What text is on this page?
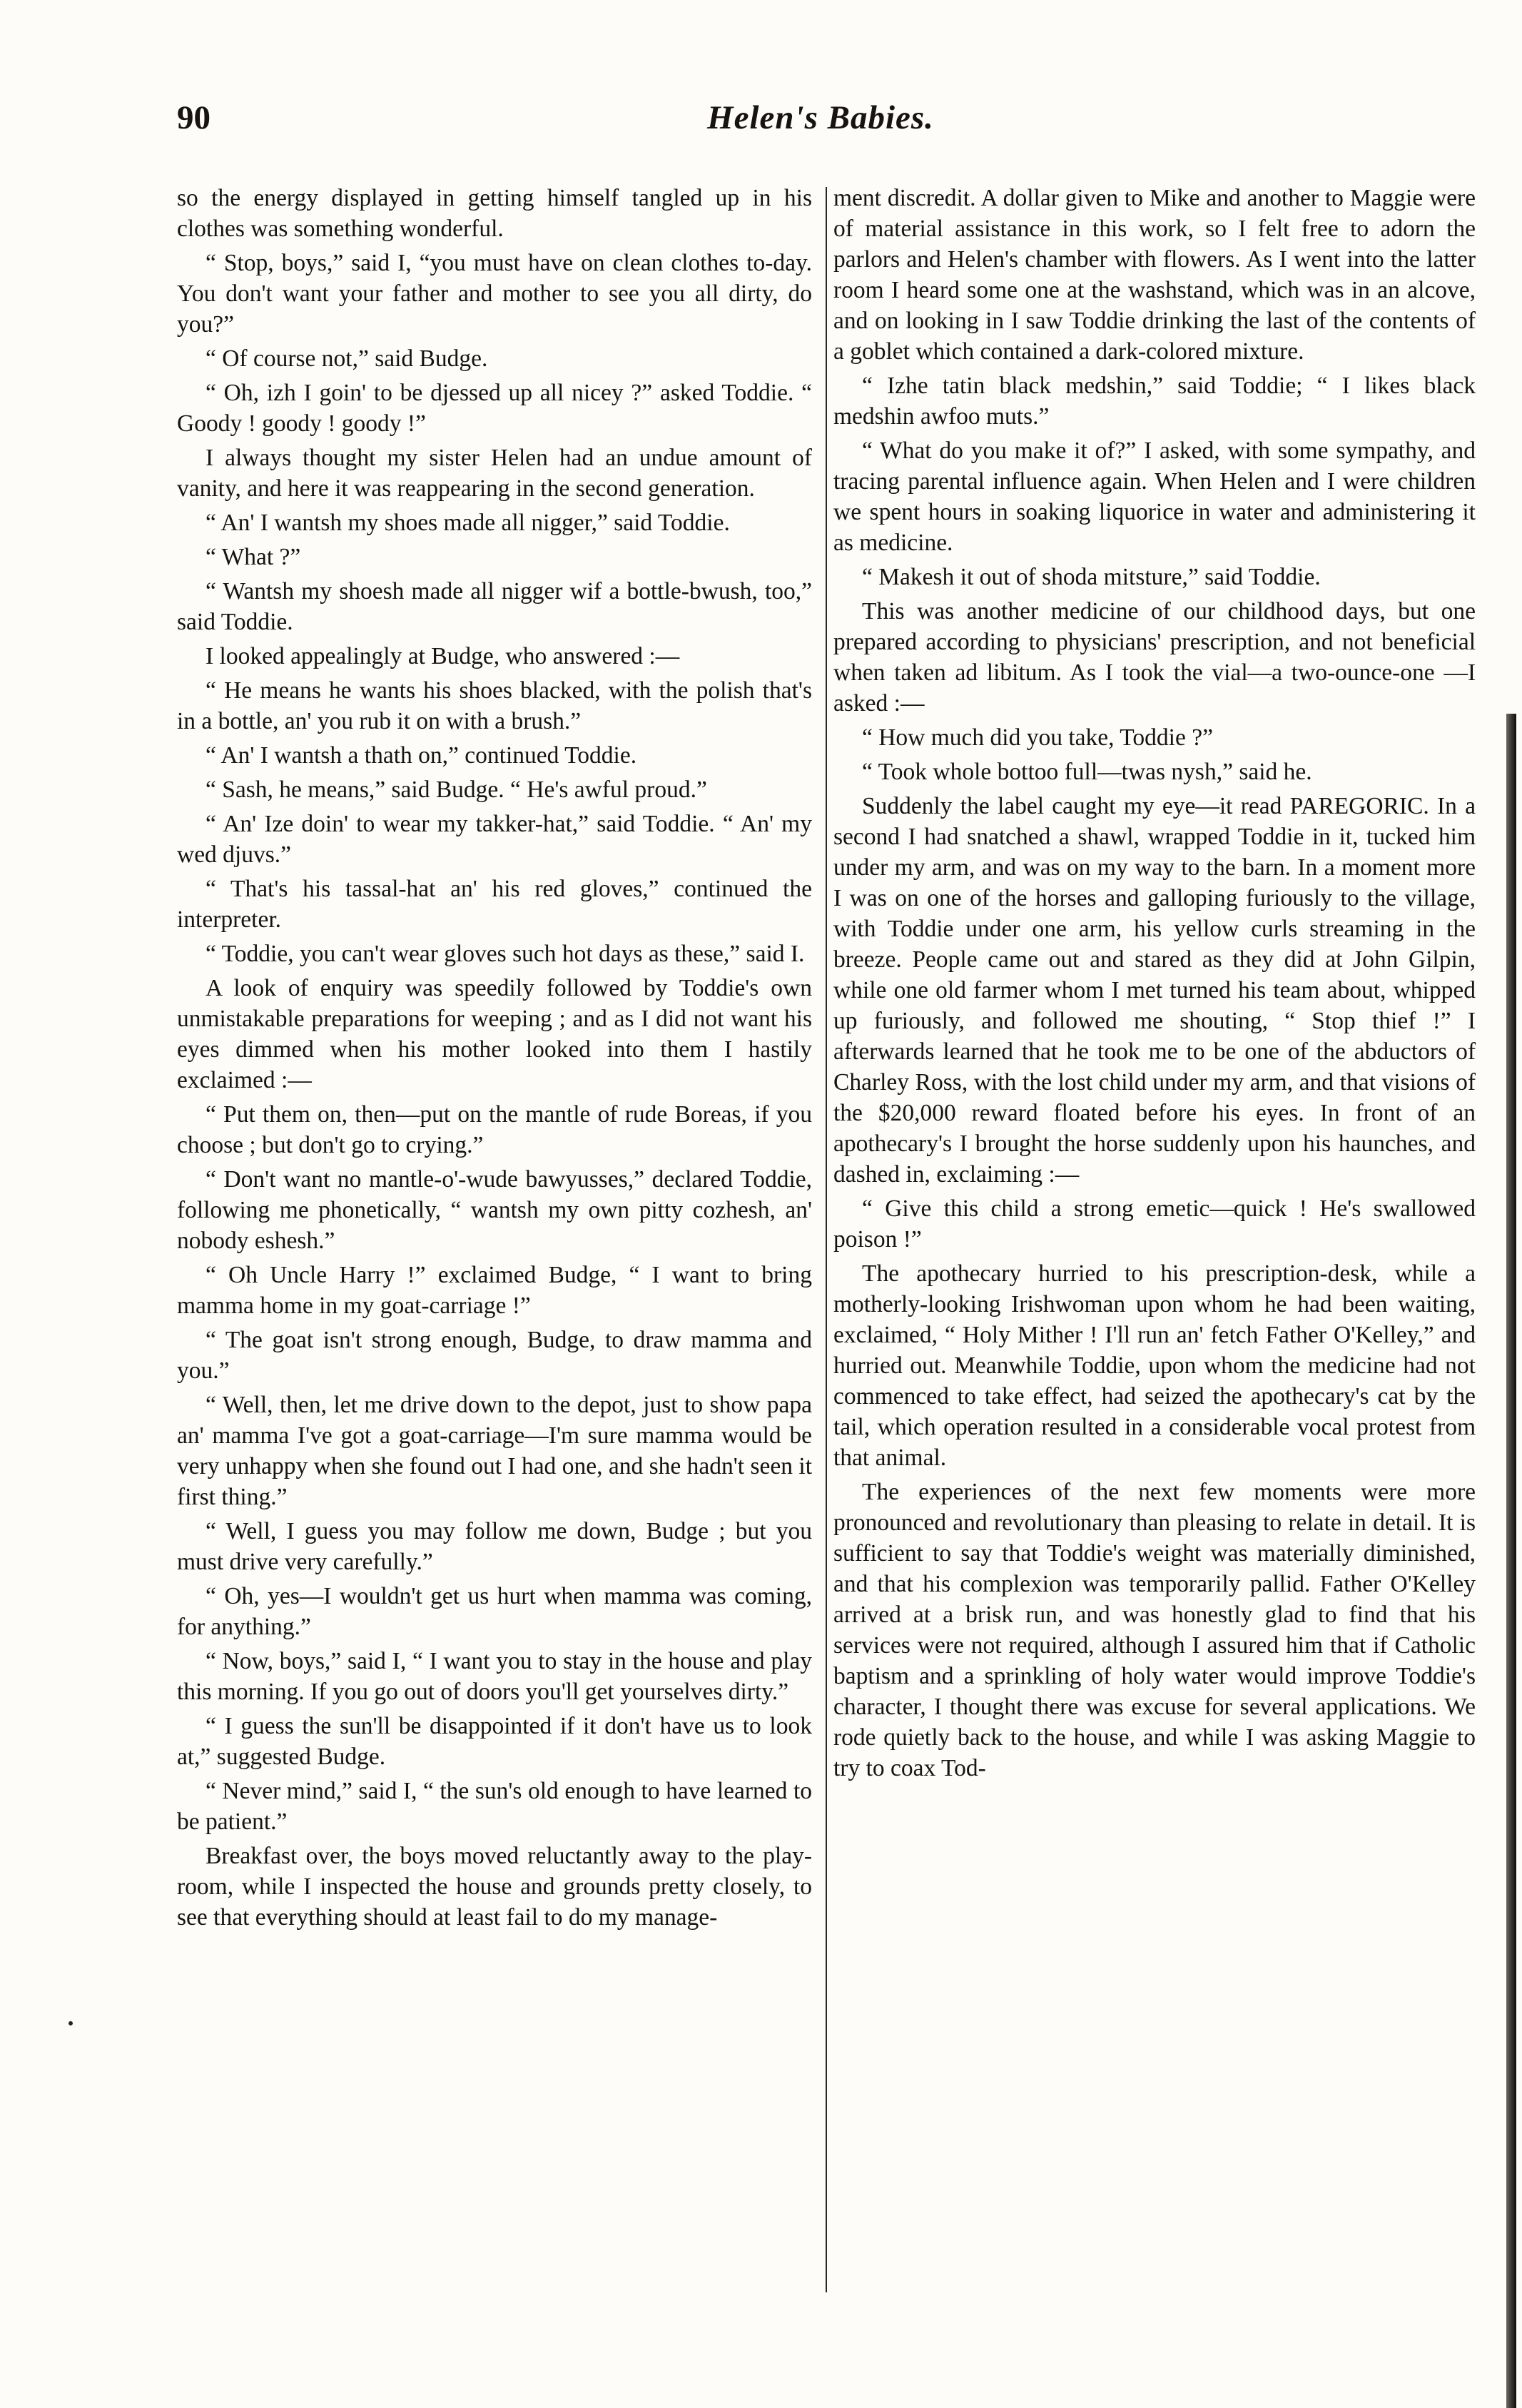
90	Helen's Babies.

so the energy displayed in getting himself tangled up in his clothes was something wonderful.

“ Stop, boys,” said I, “you must have on clean clothes to-day. You don't want your father and mother to see you all dirty, do you?”

“ Of course not,” said Budge.

“ Oh, izh I goin' to be djessed up all nicey ?” asked Toddie. “ Goody ! goody ! goody !”

I always thought my sister Helen had an undue amount of vanity, and here it was reappearing in the second generation.

“ An' I wantsh my shoes made all nigger,” said Toddie.

“ What ?”

“ Wantsh my shoesh made all nigger wif a bottle-bwush, too,” said Toddie.

I looked appealingly at Budge, who answered :—

“ He means he wants his shoes blacked, with the polish that's in a bottle, an' you rub it on with a brush.”

“ An' I wantsh a thath on,” continued Toddie.

“ Sash, he means,” said Budge. “ He's awful proud.”

“ An' Ize doin' to wear my takker-hat,” said Toddie. “ An' my wed djuvs.”

“ That's his tassal-hat an' his red gloves,” continued the interpreter.

“ Toddie, you can't wear gloves such hot days as these,” said I.

A look of enquiry was speedily followed by Toddie's own unmistakable preparations for weeping ; and as I did not want his eyes dimmed when his mother looked into them I hastily exclaimed :—

“ Put them on, then—put on the mantle of rude Boreas, if you choose ; but don't go to crying.”

“ Don't want no mantle-o'-wude bawyusses,” declared Toddie, following me phonetically, “ wantsh my own pitty cozhesh, an' nobody eshesh.”

“ Oh Uncle Harry !” exclaimed Budge, “ I want to bring mamma home in my goat-carriage !”

“ The goat isn't strong enough, Budge, to draw mamma and you.”

“ Well, then, let me drive down to the depot, just to show papa an' mamma I've got a goat-carriage—I'm sure mamma would be very unhappy when she found out I had one, and she hadn't seen it first thing.”

“ Well, I guess you may follow me down, Budge ; but you must drive very carefully.”

“ Oh, yes—I wouldn't get us hurt when mamma was coming, for anything.”

“ Now, boys,” said I, “ I want you to stay in the house and play this morning. If you go out of doors you'll get yourselves dirty.”

“ I guess the sun'll be disappointed if it don't have us to look at,” suggested Budge.

“ Never mind,” said I, “ the sun's old enough to have learned to be patient.”

Breakfast over, the boys moved reluctantly away to the play-room, while I inspected the house and grounds pretty closely, to see that everything should at least fail to do my manage-

ment discredit. A dollar given to Mike and another to Maggie were of material assistance in this work, so I felt free to adorn the parlors and Helen's chamber with flowers. As I went into the latter room I heard some one at the washstand, which was in an alcove, and on looking in I saw Toddie drinking the last of the contents of a goblet which contained a dark-colored mixture.

“ Izhe tatin black medshin,” said Toddie; “ I likes black medshin awfoo muts.”

“ What do you make it of?” I asked, with some sympathy, and tracing parental influence again. When Helen and I were children we spent hours in soaking liquorice in water and administering it as medicine.

“ Makesh it out of shoda mitsture,” said Toddie.

This was another medicine of our childhood days, but one prepared according to physicians' prescription, and not beneficial when taken ad libitum. As I took the vial—a two-ounce-one —I asked :—

“ How much did you take, Toddie ?”

“ Took whole bottoo full—twas nysh,” said he.

Suddenly the label caught my eye—it read PAREGORIC. In a second I had snatched a shawl, wrapped Toddie in it, tucked him under my arm, and was on my way to the barn. In a moment more I was on one of the horses and galloping furiously to the village, with Toddie under one arm, his yellow curls streaming in the breeze. People came out and stared as they did at John Gilpin, while one old farmer whom I met turned his team about, whipped up furiously, and followed me shouting, “ Stop thief !” I afterwards learned that he took me to be one of the abductors of Charley Ross, with the lost child under my arm, and that visions of the $20,000 reward floated before his eyes. In front of an apothecary's I brought the horse suddenly upon his haunches, and dashed in, exclaiming :—

“ Give this child a strong emetic—quick ! He's swallowed poison !”

The apothecary hurried to his prescription-desk, while a motherly-looking Irishwoman upon whom he had been waiting, exclaimed, “ Holy Mither ! I'll run an' fetch Father O'Kelley,” and hurried out. Meanwhile Toddie, upon whom the medicine had not commenced to take effect, had seized the apothecary's cat by the tail, which operation resulted in a considerable vocal protest from that animal.

The experiences of the next few moments were more pronounced and revolutionary than pleasing to relate in detail. It is sufficient to say that Toddie's weight was materially diminished, and that his complexion was temporarily pallid. Father O'Kelley arrived at a brisk run, and was honestly glad to find that his services were not required, although I assured him that if Catholic baptism and a sprinkling of holy water would improve Toddie's character, I thought there was excuse for several applications. We rode quietly back to the house, and while I was asking Maggie to try to coax Tod-
